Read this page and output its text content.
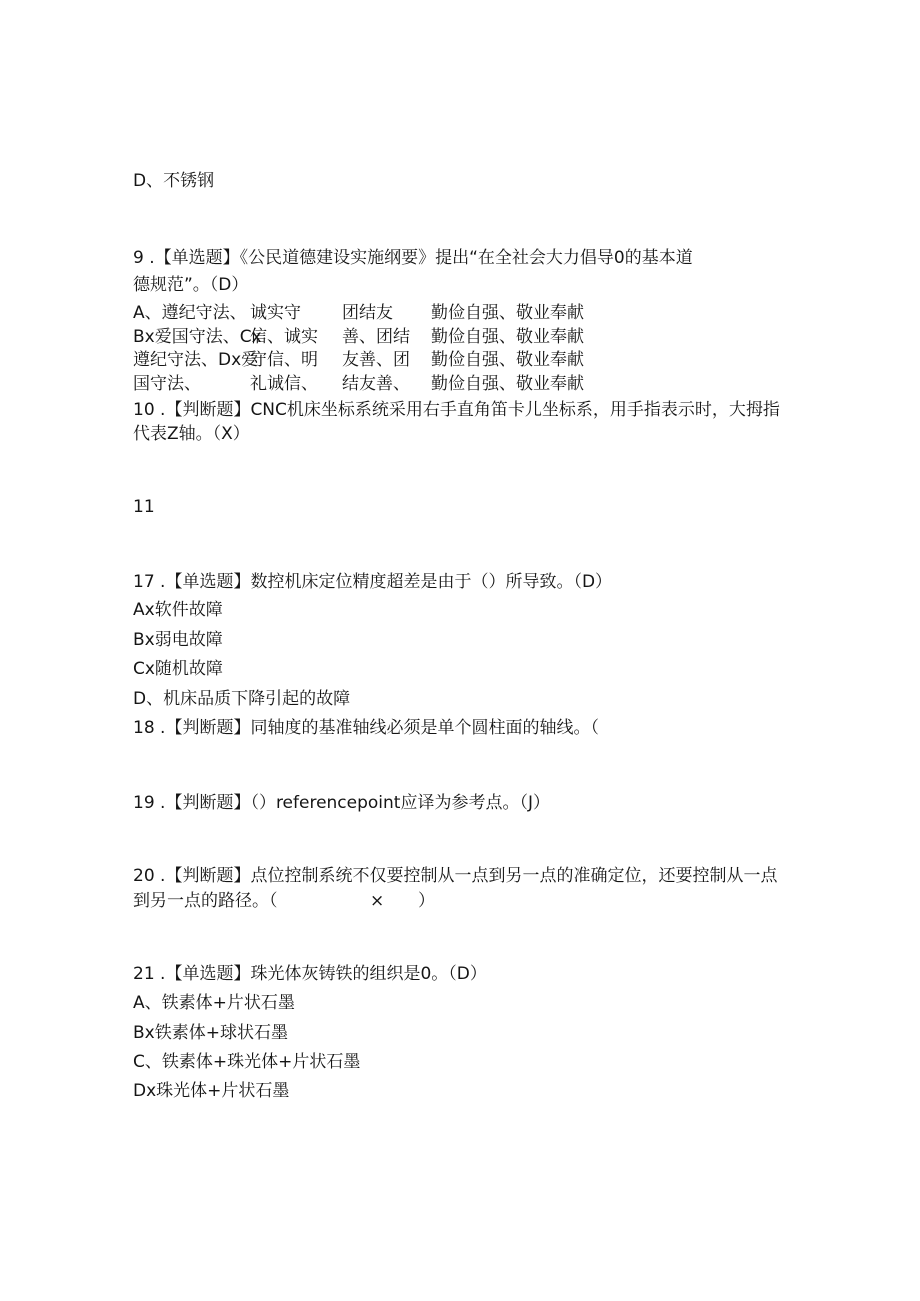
D、不锈钢
9 .【单选题】《公民道德建设实施纲要》提出“在全社会大力倡导0的基本道
德规范”。（D）
A、遵纪守法、 诚实守 团结友 勤俭自强、敬业奉献
Bx爱国守法、Cx
信、诚实 善、团结 勤俭自强、敬业奉献
遵纪守法、Dx爱
守信、明 友善、团 勤俭自强、敬业奉献
国守法、	礼诚信、 结友善、 勤俭自强、敬业奉献
10 .【判断题】CNC机床坐标系统采用右手直角笛卡儿坐标系，用手指表示时，大拇指
代表Z轴。（X）
11
17 .【单选题】数控机床定位精度超差是由于（）所导致。（D）
Ax软件故障
Bx弱电故障
Cx随机故障
D、机床品质下降引起的故障
18 .【判断题】同轴度的基准轴线必须是单个圆柱面的轴线。（
19 .【判断题】（）referencepoint应译为参考点。（J）
20 .【判断题】点位控制系统不仅要控制从一点到另一点的准确定位，还要控制从一点
到另一点的路径。（	× ）
21 .【单选题】珠光体灰铸铁的组织是0。（D）
A、铁素体+片状石墨
Bx铁素体+球状石墨
C、铁素体+珠光体+片状石墨
Dx珠光体+片状石墨
